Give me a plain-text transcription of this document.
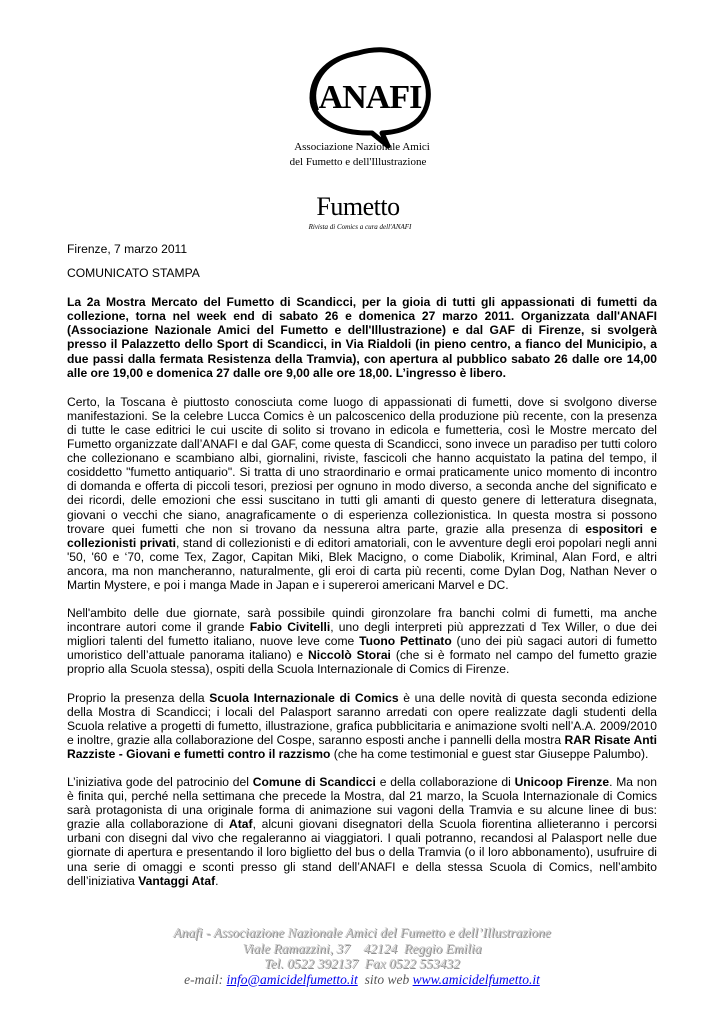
ANAFI
Associazione Nazionale Amici
del Fumetto e dell'Illustrazione
Fumetto
Rivista di Comics a cura dell'ANAFI

Firenze, 7 marzo 2011

COMUNICATO STAMPA

La 2a Mostra Mercato del Fumetto di Scandicci, per la gioia di tutti gli appassionati di fumetti da collezione, torna nel week end di sabato 26 e domenica 27 marzo 2011. Organizzata dall'ANAFI (Associazione Nazionale Amici del Fumetto e dell'Illustrazione) e dal GAF di Firenze, si svolgerà presso il Palazzetto dello Sport di Scandicci, in Via Rialdoli (in pieno centro, a fianco del Municipio, a due passi dalla fermata Resistenza della Tramvia), con apertura al pubblico sabato 26 dalle ore 14,00 alle ore 19,00 e domenica 27 dalle ore 9,00 alle ore 18,00. L’ingresso è libero.

Certo, la Toscana è piuttosto conosciuta come luogo di appassionati di fumetti, dove si svolgono diverse manifestazioni. Se la celebre Lucca Comics è un palcoscenico della produzione più recente, con la presenza di tutte le case editrici le cui uscite di solito si trovano in edicola e fumetteria, così le Mostre mercato del Fumetto organizzate dall’ANAFI e dal GAF, come questa di Scandicci, sono invece un paradiso per tutti coloro che collezionano e scambiano albi, giornalini, riviste, fascicoli che hanno acquistato la patina del tempo, il cosiddetto "fumetto antiquario". Si tratta di uno straordinario e ormai praticamente unico momento di incontro di domanda e offerta di piccoli tesori, preziosi per ognuno in modo diverso, a seconda anche del significato e dei ricordi, delle emozioni che essi suscitano in tutti gli amanti di questo genere di letteratura disegnata, giovani o vecchi che siano, anagraficamente o di esperienza collezionistica. In questa mostra si possono trovare quei fumetti che non si trovano da nessuna altra parte, grazie alla presenza di espositori e collezionisti privati, stand di collezionisti e di editori amatoriali, con le avventure degli eroi popolari negli anni '50, '60 e ‘70, come Tex, Zagor, Capitan Miki, Blek Macigno, o come Diabolik, Kriminal, Alan Ford, e altri ancora, ma non mancheranno, naturalmente, gli eroi di carta più recenti, come Dylan Dog, Nathan Never o Martin Mystere, e poi i manga Made in Japan e i supereroi americani Marvel e DC.

Nell'ambito delle due giornate, sarà possibile quindi gironzolare fra banchi colmi di fumetti, ma anche incontrare autori come il grande Fabio Civitelli, uno degli interpreti più apprezzati d Tex Willer, o due dei migliori talenti del fumetto italiano, nuove leve come Tuono Pettinato (uno dei più sagaci autori di fumetto umoristico dell’attuale panorama italiano) e Niccolò Storai (che si è formato nel campo del fumetto grazie proprio alla Scuola stessa), ospiti della Scuola Internazionale di Comics di Firenze.

Proprio la presenza della Scuola Internazionale di Comics è una delle novità di questa seconda edizione della Mostra di Scandicci; i locali del Palasport saranno arredati con opere realizzate dagli studenti della Scuola relative a progetti di fumetto, illustrazione, grafica pubblicitaria e animazione svolti nell’A.A. 2009/2010 e inoltre, grazie alla collaborazione del Cospe, saranno esposti anche i pannelli della mostra RAR Risate Anti Razziste - Giovani e fumetti contro il razzismo (che ha come testimonial e guest star Giuseppe Palumbo).

L’iniziativa gode del patrocinio del Comune di Scandicci e della collaborazione di Unicoop Firenze. Ma non è finita qui, perché nella settimana che precede la Mostra, dal 21 marzo, la Scuola Internazionale di Comics sarà protagonista di una originale forma di animazione sui vagoni della Tramvia e su alcune linee di bus: grazie alla collaborazione di Ataf, alcuni giovani disegnatori della Scuola fiorentina allieteranno i percorsi urbani con disegni dal vivo che regaleranno ai viaggiatori. I quali potranno, recandosi al Palasport nelle due giornate di apertura e presentando il loro biglietto del bus o della Tramvia (o il loro abbonamento), usufruire di una serie di omaggi e sconti presso gli stand dell’ANAFI e della stessa Scuola di Comics, nell’ambito dell’iniziativa Vantaggi Ataf.

Anafi - Associazione Nazionale Amici del Fumetto e dell’Illustrazione
Viale Ramazzini, 37    42124  Reggio Emilia
Tel. 0522 392137  Fax 0522 553432
e-mail: info@amicidelfumetto.it  sito web www.amicidelfumetto.it
